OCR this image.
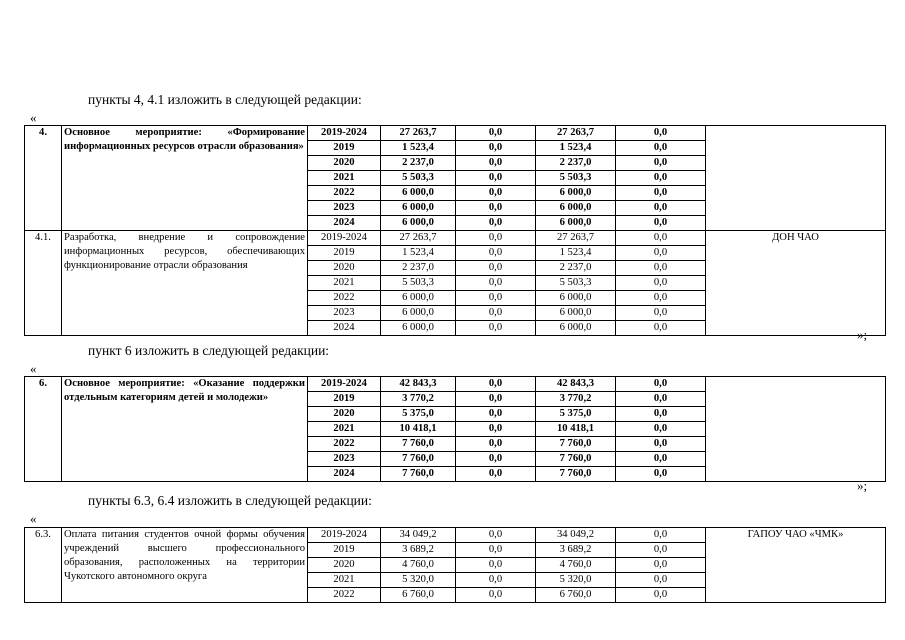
пункты 4, 4.1 изложить в следующей редакции:
«
4.	Основное мероприятие: «Формирование информационных ресурсов отрасли образования»	2019-2024	27 263,7	0,0	27 263,7	0,0	
		2019	1 523,4	0,0	1 523,4	0,0	
		2020	2 237,0	0,0	2 237,0	0,0	
		2021	5 503,3	0,0	5 503,3	0,0	
		2022	6 000,0	0,0	6 000,0	0,0	
		2023	6 000,0	0,0	6 000,0	0,0	
		2024	6 000,0	0,0	6 000,0	0,0	
4.1.	Разработка, внедрение и сопровождение информационных ресурсов, обеспечивающих функционирование отрасли образования	2019-2024	27 263,7	0,0	27 263,7	0,0	ДОН ЧАО
		2019	1 523,4	0,0	1 523,4	0,0	
		2020	2 237,0	0,0	2 237,0	0,0	
		2021	5 503,3	0,0	5 503,3	0,0	
		2022	6 000,0	0,0	6 000,0	0,0	
		2023	6 000,0	0,0	6 000,0	0,0	
		2024	6 000,0	0,0	6 000,0	0,0		»;
пункт 6 изложить в следующей редакции:
«
6.	Основное мероприятие: «Оказание поддержки отдельным категориям детей и молодежи»	2019-2024	42 843,3	0,0	42 843,3	0,0	
		2019	3 770,2	0,0	3 770,2	0,0	
		2020	5 375,0	0,0	5 375,0	0,0	
		2021	10 418,1	0,0	10 418,1	0,0	
		2022	7 760,0	0,0	7 760,0	0,0	
		2023	7 760,0	0,0	7 760,0	0,0	
		2024	7 760,0	0,0	7 760,0	0,0	
»;
пункты 6.3, 6.4 изложить в следующей редакции:
«
6.3.	Оплата питания студентов очной формы обучения учреждений высшего профессионального образования, расположенных на территории Чукотского автономного округа	2019-2024	34 049,2	0,0	34 049,2	0,0	ГАПОУ ЧАО «ЧМК»
		2019	3 689,2	0,0	3 689,2	0,0	
		2020	4 760,0	0,0	4 760,0	0,0	
		2021	5 320,0	0,0	5 320,0	0,0	
		2022	6 760,0	0,0	6 760,0	0,0	
